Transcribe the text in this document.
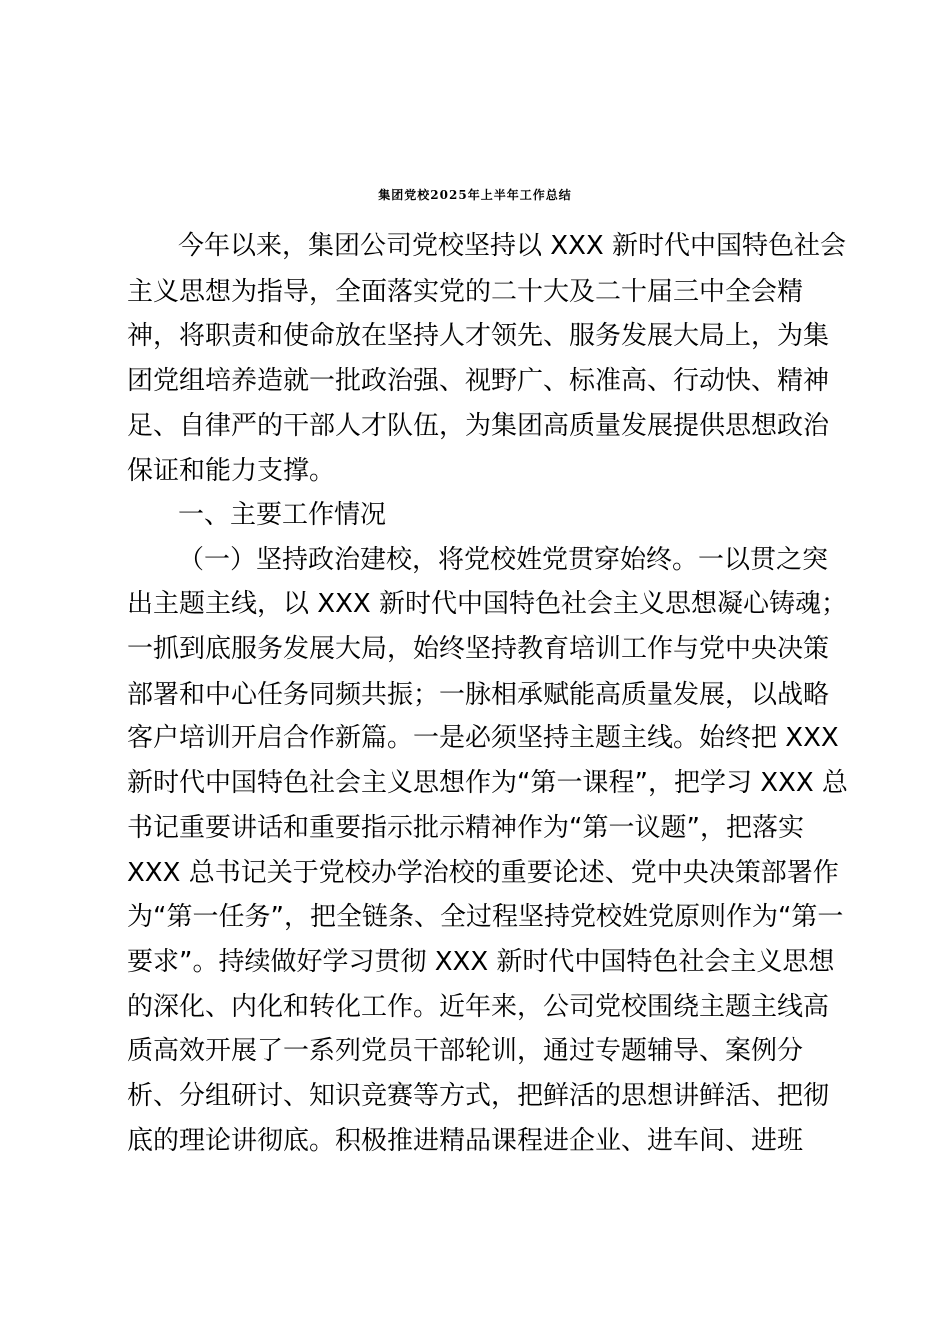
集团党校2025年上半年工作总结
今年以来，集团公司党校坚持以 XXX 新时代中国特色社会
主义思想为指导，全面落实党的二十大及二十届三中全会精
神，将职责和使命放在坚持人才领先、服务发展大局上，为集
团党组培养造就一批政治强、视野广、标准高、行动快、精神
足、自律严的干部人才队伍，为集团高质量发展提供思想政治
保证和能力支撑。
一、主要工作情况
（一）坚持政治建校，将党校姓党贯穿始终。一以贯之突
出主题主线，以 XXX 新时代中国特色社会主义思想凝心铸魂；
一抓到底服务发展大局，始终坚持教育培训工作与党中央决策
部署和中心任务同频共振；一脉相承赋能高质量发展，以战略
客户培训开启合作新篇。一是必须坚持主题主线。始终把 XXX
新时代中国特色社会主义思想作为“第一课程”，把学习 XXX 总
书记重要讲话和重要指示批示精神作为“第一议题”，把落实
XXX 总书记关于党校办学治校的重要论述、党中央决策部署作
为“第一任务”，把全链条、全过程坚持党校姓党原则作为“第一
要求”。持续做好学习贯彻 XXX 新时代中国特色社会主义思想
的深化、内化和转化工作。近年来，公司党校围绕主题主线高
质高效开展了一系列党员干部轮训，通过专题辅导、案例分
析、分组研讨、知识竞赛等方式，把鲜活的思想讲鲜活、把彻
底的理论讲彻底。积极推进精品课程进企业、进车间、进班
